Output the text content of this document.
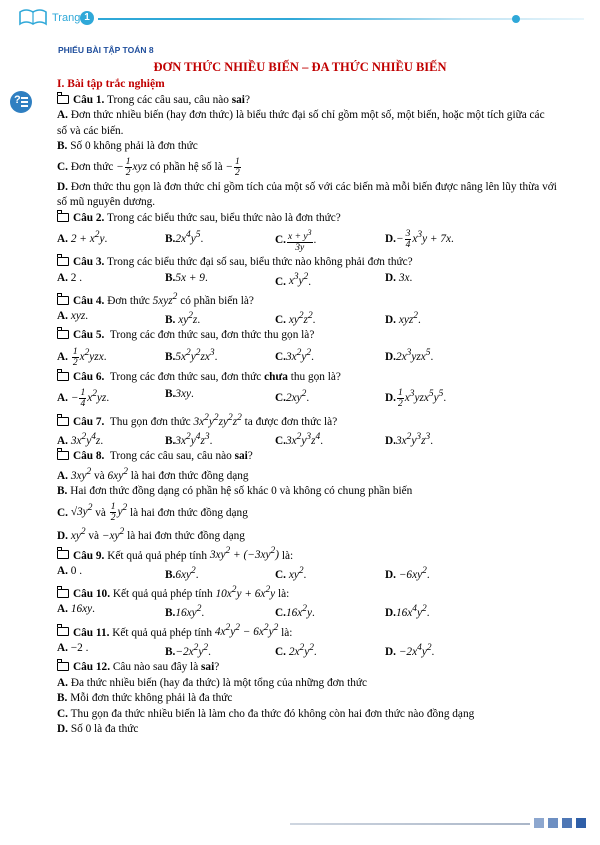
Trang 1
PHIẾU BÀI TẬP TOÁN 8
ĐƠN THỨC NHIỀU BIẾN – ĐA THỨC NHIỀU BIẾN
?

I. Bài tập trắc nghiệm

Câu 1. Trong các câu sau, câu nào sai?

A. Đơn thức nhiều biến (hay đơn thức) là biểu thức đại số chỉ gồm một số, một biến, hoặc một tích giữa các số và các biến.

B. Số 0 không phải là đơn thức

C. Đơn thức − $\frac{1}{2}$ xyz có phần hệ số là − $\frac{1}{2}$

D. Đơn thức thu gọn là đơn thức chỉ gồm tích của một số với các biến mà mỗi biến được nâng lên lũy thừa với số mũ nguyên dương.

Câu 2. Trong các biểu thức sau, biểu thức nào là đơn thức?

A. $2 + x^2y$.	$B.2x^4y^5$.	C. $\frac{x + y^3}{3y}$ .	$D.- \frac{3}{4} x^3y + 7x$.

Câu 3. Trong các biểu thức đại số sau, biểu thức nào không phải đơn thức?

A. 2 .	B.5x + 9.	C. $x^3y^2$.	D. 3x.

Câu 4. Đơn thức 5xyz$^2$ có phần biến là?

A. xyz.	B. $xy^2z$.	C. $xy^2z^2$.	D. xyz$^2$.

Câu 5. Trong các đơn thức sau, đơn thức thu gọn là?

A. $\frac{1}{2} x^2yzx$.	$B.5x^2y^2zx^3$.	$C.3x^2y^2$.	$D.2x^3yzx^5$.

Câu 6. Trong các đơn thức sau, đơn thức chưa thu gọn là?

A. − $\frac{1}{4} x^2yz$.	B.3xy.	$C.2xy^2$.	D. $\frac{1}{2} x^3yzx^5y^5$.

Câu 7. Thu gọn đơn thức $3x^2y^2zy^2z^2$ ta được đơn thức là?

A. $3x^2y^4z$.	$B.3x^2y^4z^3$.	$C.3x^2y^3z^4$.	$D.3x^2y^3z^3$.

Câu 8. Trong các câu sau, câu nào sai?

A. $3xy^2$ và $6xy^2$ là hai đơn thức đồng dạng

B. Hai đơn thức đồng dạng có phần hệ số khác 0 và không có chung phần biến

C. $√3y^2$ và $\frac{1}{2} y^2$ là hai đơn thức đồng dạng

D. $xy^2$ và $-xy^2$ là hai đơn thức đồng dạng

Câu 9. Kết quả quả phép tính $3xy^2 + (-3xy^2)$ là:

A. 0 .	$B.6xy^2$.	C. $xy^2$.	D. $-6xy^2$.

Câu 10. Kết quả quả phép tính $10x^2y + 6x^2y$ là:

A. 16xy.	$B.16xy^2$.	$C.16x^2y$.	$D.16x^4y^2$.

Câu 11. Kết quả quả phép tính $4x^2y^2 - 6x^2y^2$ là:

A. −2 .	$B.-2x^2y^2$.	C. $2x^2y^2$.	D. $-2x^4y^2$.

Câu 12. Câu nào sau đây là sai?

A. Đa thức nhiều biến (hay đa thức) là một tổng của những đơn thức

B. Mỗi đơn thức không phải là đa thức

C. Thu gọn đa thức nhiều biến là làm cho đa thức đó không còn hai đơn thức nào đồng dạng

D. Số 0 là đa thức
